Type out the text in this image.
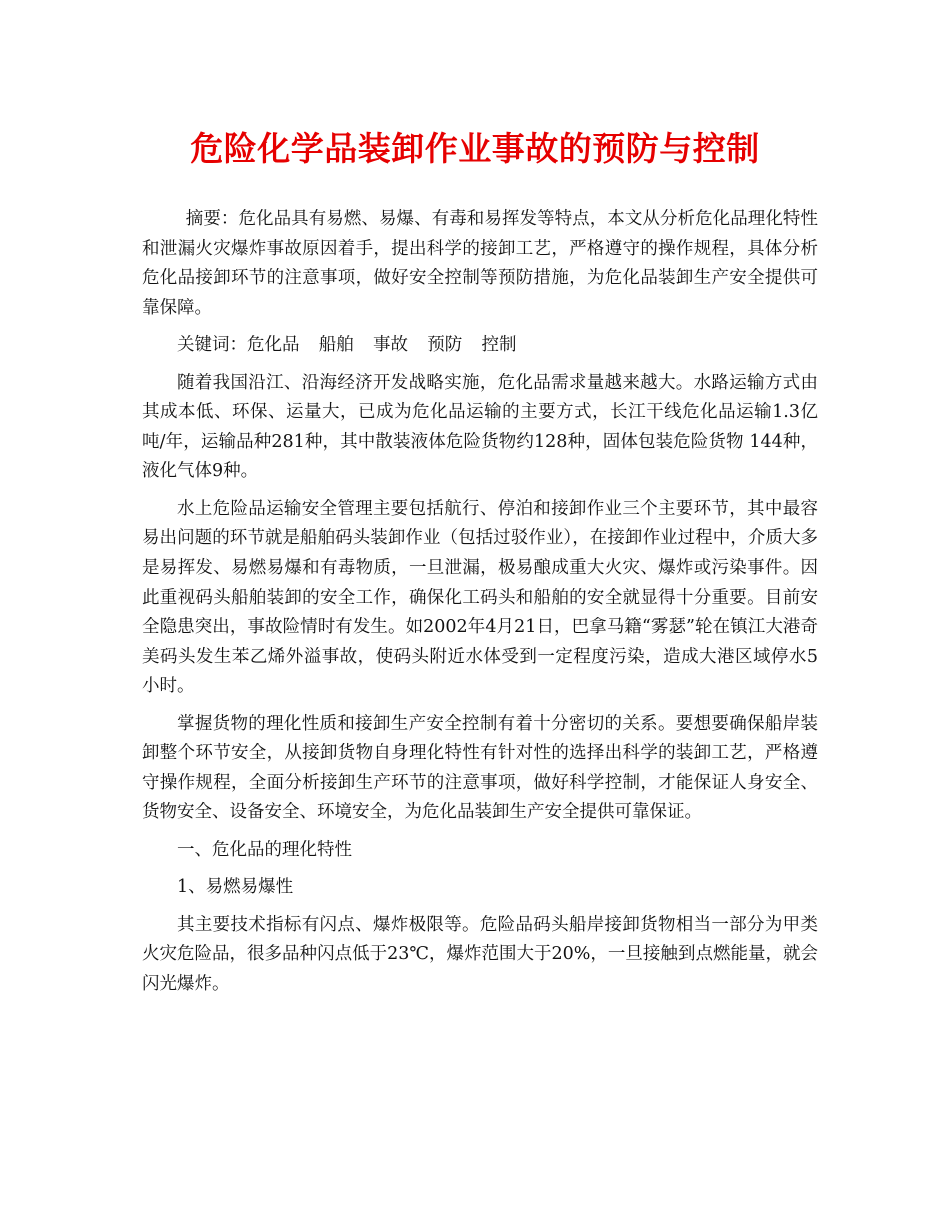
危险化学品装卸作业事故的预防与控制

摘要：危化品具有易燃、易爆、有毒和易挥发等特点，本文从分析危化品理化特性和泄漏火灾爆炸事故原因着手，提出科学的接卸工艺，严格遵守的操作规程，具体分析危化品接卸环节的注意事项，做好安全控制等预防措施，为危化品装卸生产安全提供可靠保障。

关键词：危化品 船舶 事故 预防 控制

随着我国沿江、沿海经济开发战略实施，危化品需求量越来越大。水路运输方式由其成本低、环保、运量大，已成为危化品运输的主要方式，长江干线危化品运输1.3亿吨/年，运输品种281种，其中散装液体危险货物约128种，固体包装危险货物 144种，液化气体9种。

水上危险品运输安全管理主要包括航行、停泊和接卸作业三个主要环节，其中最容易出问题的环节就是船舶码头装卸作业（包括过驳作业），在接卸作业过程中，介质大多是易挥发、易燃易爆和有毒物质，一旦泄漏，极易酿成重大火灾、爆炸或污染事件。因此重视码头船舶装卸的安全工作，确保化工码头和船舶的安全就显得十分重要。目前安全隐患突出，事故险情时有发生。如2002年4月21日，巴拿马籍“雾瑟”轮在镇江大港奇美码头发生苯乙烯外溢事故，使码头附近水体受到一定程度污染，造成大港区域停水5小时。

掌握货物的理化性质和接卸生产安全控制有着十分密切的关系。要想要确保船岸装卸整个环节安全，从接卸货物自身理化特性有针对性的选择出科学的装卸工艺，严格遵守操作规程，全面分析接卸生产环节的注意事项，做好科学控制，才能保证人身安全、货物安全、设备安全、环境安全，为危化品装卸生产安全提供可靠保证。

一、危化品的理化特性

1、易燃易爆性

其主要技术指标有闪点、爆炸极限等。危险品码头船岸接卸货物相当一部分为甲类火灾危险品，很多品种闪点低于23℃，爆炸范围大于20%，一旦接触到点燃能量，就会闪光爆炸。
